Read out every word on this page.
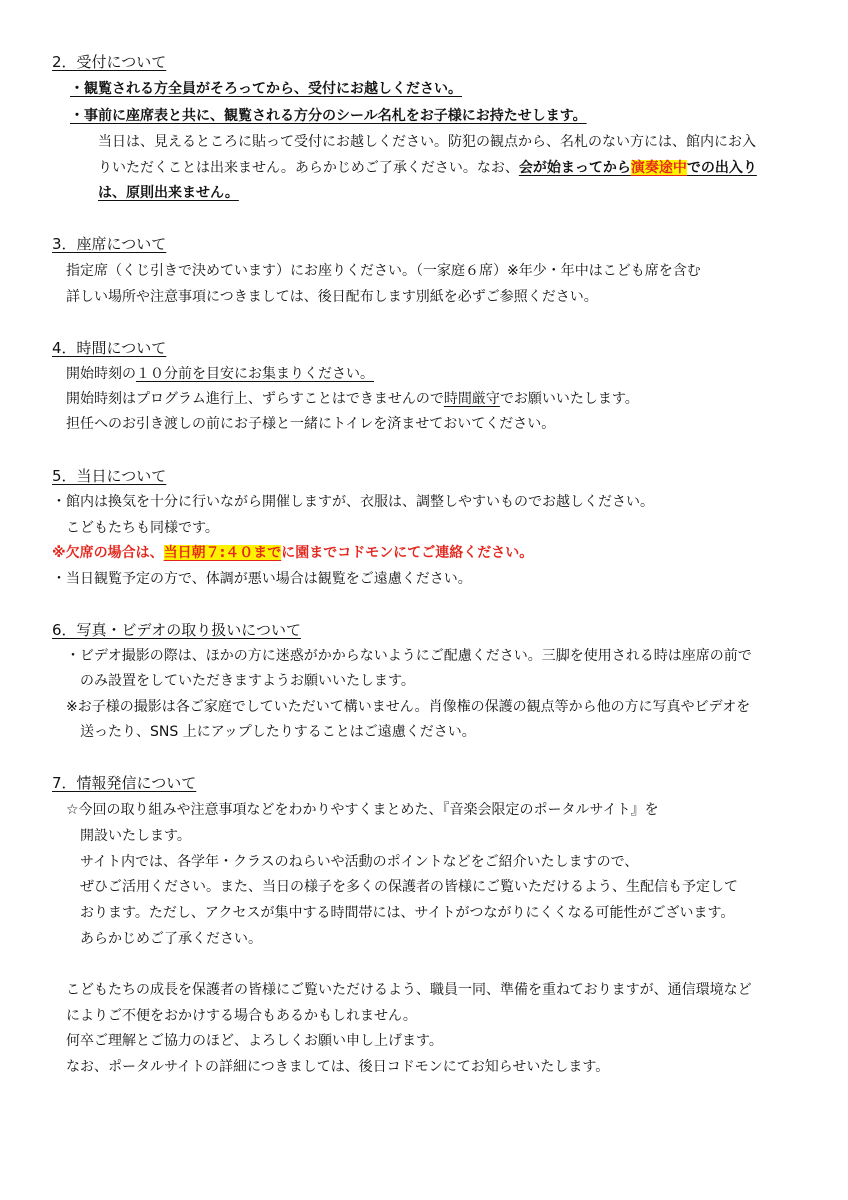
2．受付について
・観覧される方全員がそろってから、受付にお越しください。
・事前に座席表と共に、観覧される方分のシール名札をお子様にお持たせします。
当日は、見えるところに貼って受付にお越しください。防犯の観点から、名札のない方には、館内にお入
りいただくことは出来ません。あらかじめご了承ください。なお、会が始まってから演奏途中での出入り
は、原則出来ません。
3．座席について
指定席（くじ引きで決めています）にお座りください。（一家庭６席）※年少・年中はこども席を含む
詳しい場所や注意事項につきましては、後日配布します別紙を必ずご参照ください。
4．時間について
開始時刻の１０分前を目安にお集まりください。
開始時刻はプログラム進行上、ずらすことはできませんので時間厳守でお願いいたします。
担任へのお引き渡しの前にお子様と一緒にトイレを済ませておいてください。
5．当日について
・館内は換気を十分に行いながら開催しますが、衣服は、調整しやすいものでお越しください。
こどもたちも同様です。
※欠席の場合は、当日朝７:４０までに園までコドモンにてご連絡ください。
・当日観覧予定の方で、体調が悪い場合は観覧をご遠慮ください。
6．写真・ビデオの取り扱いについて
・ビデオ撮影の際は、ほかの方に迷惑がかからないようにご配慮ください。三脚を使用される時は座席の前で
のみ設置をしていただきますようお願いいたします。
※お子様の撮影は各ご家庭でしていただいて構いません。肖像権の保護の観点等から他の方に写真やビデオを
送ったり、SNS 上にアップしたりすることはご遠慮ください。
7．情報発信について
☆今回の取り組みや注意事項などをわかりやすくまとめた、『音楽会限定のポータルサイト』を
開設いたします。
サイト内では、各学年・クラスのねらいや活動のポイントなどをご紹介いたしますので、
ぜひご活用ください。また、当日の様子を多くの保護者の皆様にご覧いただけるよう、生配信も予定して
おります。ただし、アクセスが集中する時間帯には、サイトがつながりにくくなる可能性がございます。
あらかじめご了承ください。
こどもたちの成長を保護者の皆様にご覧いただけるよう、職員一同、準備を重ねておりますが、通信環境など
によりご不便をおかけする場合もあるかもしれません。
何卒ご理解とご協力のほど、よろしくお願い申し上げます。
なお、ポータルサイトの詳細につきましては、後日コドモンにてお知らせいたします。
